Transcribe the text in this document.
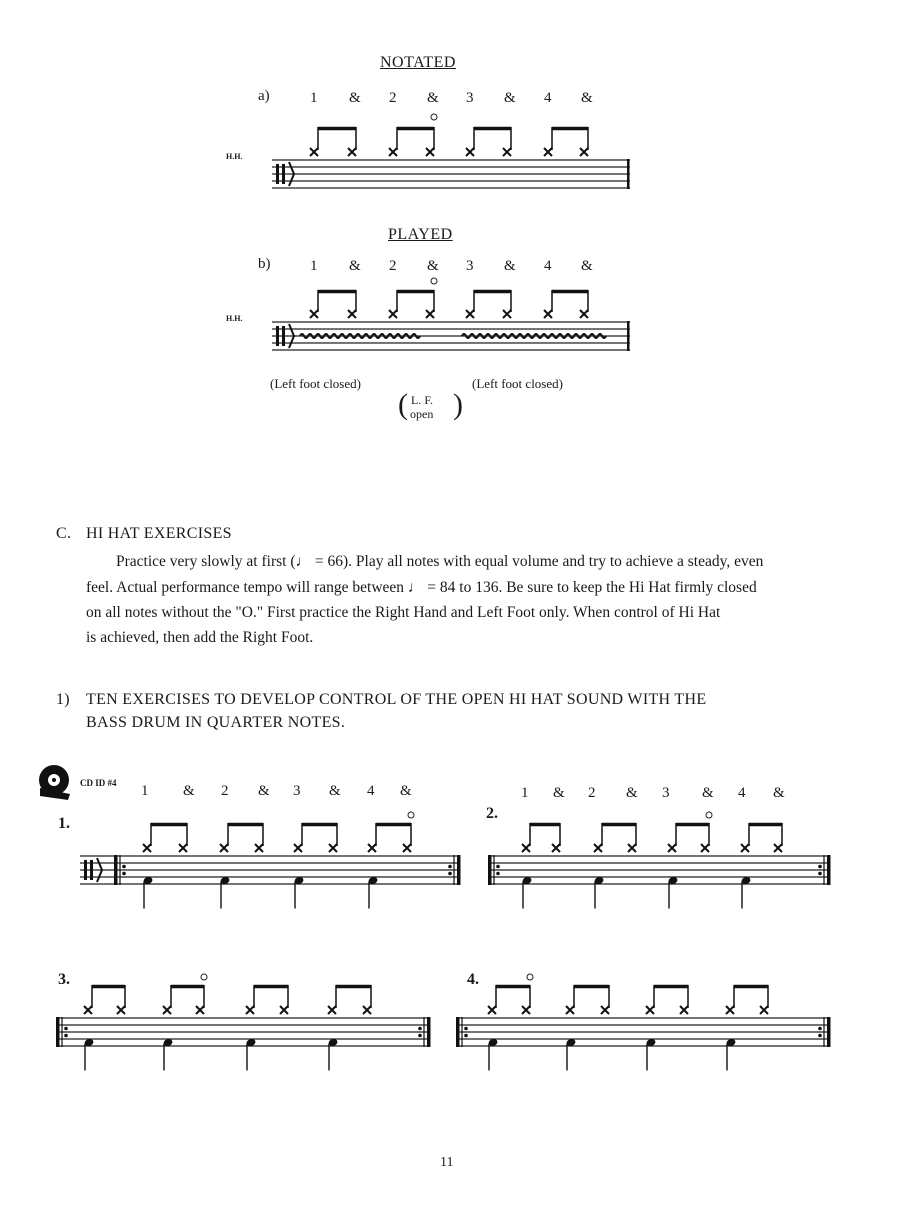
NOTATED
a)
H.H.
1 & 2 & 3 & 4 &
PLAYED
b)
H.H.
1 & 2 & 3 & 4 &
(Left foot closed)	(Left foot closed)
( L. F.
open )
C. HI HAT EXERCISES
Practice very slowly at first (♩ = 66). Play all notes with equal volume and try to achieve a steady, even
feel. Actual performance tempo will range between ♩ = 84 to 136. Be sure to keep the Hi Hat firmly closed
on all notes without the "O." First practice the Right Hand and Left Foot only. When control of Hi Hat
is achieved, then add the Right Foot.
1) TEN EXERCISES TO DEVELOP CONTROL OF THE OPEN HI HAT SOUND WITH THE
BASS DRUM IN QUARTER NOTES.
CD ID #4
1.
2.
3.	4.
1 & 2 & 3 & 4 &	1 & 2 & 3 & 4 &
11
